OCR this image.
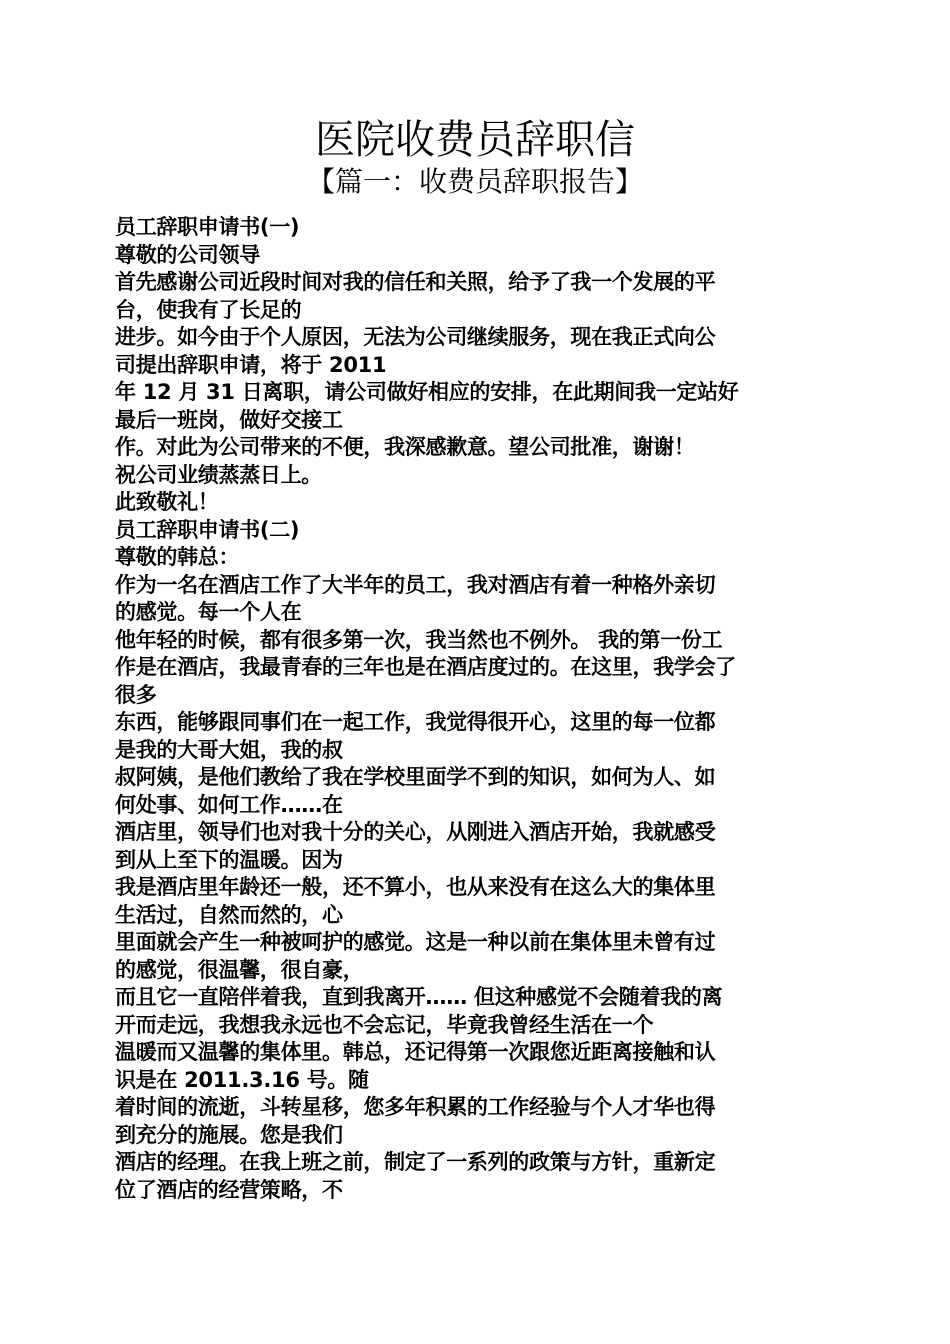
医院收费员辞职信
【篇一：收费员辞职报告】
员工辞职申请书(一)
尊敬的公司领导
首先感谢公司近段时间对我的信任和关照，给予了我一个发展的平
台，使我有了长足的
进步。如今由于个人原因，无法为公司继续服务，现在我正式向公
司提出辞职申请，将于 2011
年 12 月 31 日离职，请公司做好相应的安排，在此期间我一定站好
最后一班岗，做好交接工
作。对此为公司带来的不便，我深感歉意。望公司批准，谢谢！
祝公司业绩蒸蒸日上。
此致敬礼！
员工辞职申请书(二)
尊敬的韩总：
作为一名在酒店工作了大半年的员工，我对酒店有着一种格外亲切
的感觉。每一个人在
他年轻的时候，都有很多第一次，我当然也不例外。 我的第一份工
作是在酒店，我最青春的三年也是在酒店度过的。在这里，我学会了
很多
东西，能够跟同事们在一起工作，我觉得很开心，这里的每一位都
是我的大哥大姐，我的叔
叔阿姨，是他们教给了我在学校里面学不到的知识，如何为人、如
何处事、如何工作……在
酒店里，领导们也对我十分的关心，从刚进入酒店开始，我就感受
到从上至下的温暖。因为
我是酒店里年龄还一般，还不算小，也从来没有在这么大的集体里
生活过，自然而然的，心
里面就会产生一种被呵护的感觉。这是一种以前在集体里未曾有过
的感觉，很温馨，很自豪，
而且它一直陪伴着我，直到我离开…… 但这种感觉不会随着我的离
开而走远，我想我永远也不会忘记，毕竟我曾经生活在一个
温暖而又温馨的集体里。韩总，还记得第一次跟您近距离接触和认
识是在 2011.3.16 号。随
着时间的流逝，斗转星移，您多年积累的工作经验与个人才华也得
到充分的施展。您是我们
酒店的经理。在我上班之前，制定了一系列的政策与方针，重新定
位了酒店的经营策略，不
